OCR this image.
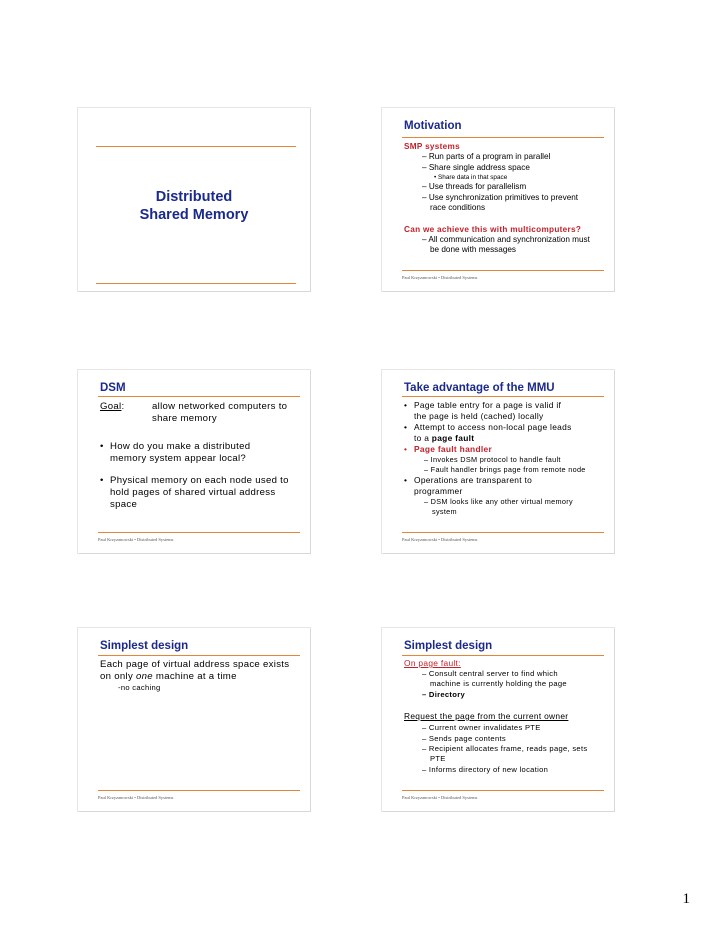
Distributed
Shared Memory
Motivation
SMP systems
– Run parts of a program in parallel
– Share single address space
• Share data in that space
– Use threads for parallelism
– Use synchronization primitives to prevent
race conditions
Can we achieve this with multicomputers?
– All communication and synchronization must
be done with messages
Paul Krzyzanowski • Distributed Systems
DSM
Goal:	allow networked computers to
share memory
• How do you make a distributed
memory system appear local?
• Physical memory on each node used to
hold pages of shared virtual address
space
Paul Krzyzanowski • Distributed Systems
Take advantage of the MMU
• Page table entry for a page is valid if
the page is held (cached) locally
• Attempt to access non-local page leads
to a page fault
• Page fault handler
– Invokes DSM protocol to handle fault
– Fault handler brings page from remote node
• Operations are transparent to
programmer
– DSM looks like any other virtual memory
system
Paul Krzyzanowski • Distributed Systems
Simplest design
Each page of virtual address space exists
on only one machine at a time
-no caching
Paul Krzyzanowski • Distributed Systems
Simplest design
On page fault:
– Consult central server to find which
machine is currently holding the page
– Directory
Request the page from the current owner
– Current owner invalidates PTE
– Sends page contents
– Recipient allocates frame, reads page, sets
PTE
– Informs directory of new location
Paul Krzyzanowski • Distributed Systems
1
